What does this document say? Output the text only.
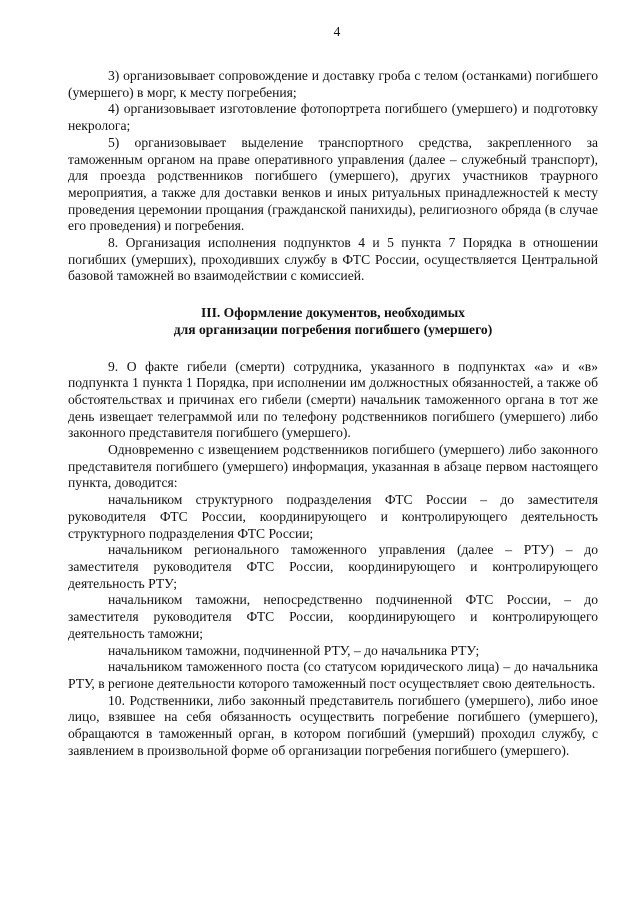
4

3) организовывает сопровождение и доставку гроба с телом (останками) погибшего (умершего) в морг, к месту погребения;

4) организовывает изготовление фотопортрета погибшего (умершего) и подготовку некролога;

5) организовывает выделение транспортного средства, закрепленного за таможенным органом на праве оперативного управления (далее – служебный транспорт), для проезда родственников погибшего (умершего), других участников траурного мероприятия, а также для доставки венков и иных ритуальных принадлежностей к месту проведения церемонии прощания (гражданской панихиды), религиозного обряда (в случае его проведения) и погребения.

8. Организация исполнения подпунктов 4 и 5 пункта 7 Порядка в отношении погибших (умерших), проходивших службу в ФТС России, осуществляется Центральной базовой таможней во взаимодействии с комиссией.

III. Оформление документов, необходимых
для организации погребения погибшего (умершего)

9. О факте гибели (смерти) сотрудника, указанного в подпунктах «а» и «в» подпункта 1 пункта 1 Порядка, при исполнении им должностных обязанностей, а также об обстоятельствах и причинах его гибели (смерти) начальник таможенного органа в тот же день извещает телеграммой или по телефону родственников погибшего (умершего) либо законного представителя погибшего (умершего).

Одновременно с извещением родственников погибшего (умершего) либо законного представителя погибшего (умершего) информация, указанная в абзаце первом настоящего пункта, доводится:

начальником структурного подразделения ФТС России – до заместителя руководителя ФТС России, координирующего и контролирующего деятельность структурного подразделения ФТС России;

начальником регионального таможенного управления (далее – РТУ) – до заместителя руководителя ФТС России, координирующего и контролирующего деятельность РТУ;

начальником таможни, непосредственно подчиненной ФТС России, – до заместителя руководителя ФТС России, координирующего и контролирующего деятельность таможни;

начальником таможни, подчиненной РТУ, – до начальника РТУ;

начальником таможенного поста (со статусом юридического лица) – до начальника РТУ, в регионе деятельности которого таможенный пост осуществляет свою деятельность.

10. Родственники, либо законный представитель погибшего (умершего), либо иное лицо, взявшее на себя обязанность осуществить погребение погибшего (умершего), обращаются в таможенный орган, в котором погибший (умерший) проходил службу, с заявлением в произвольной форме об организации погребения погибшего (умершего).
